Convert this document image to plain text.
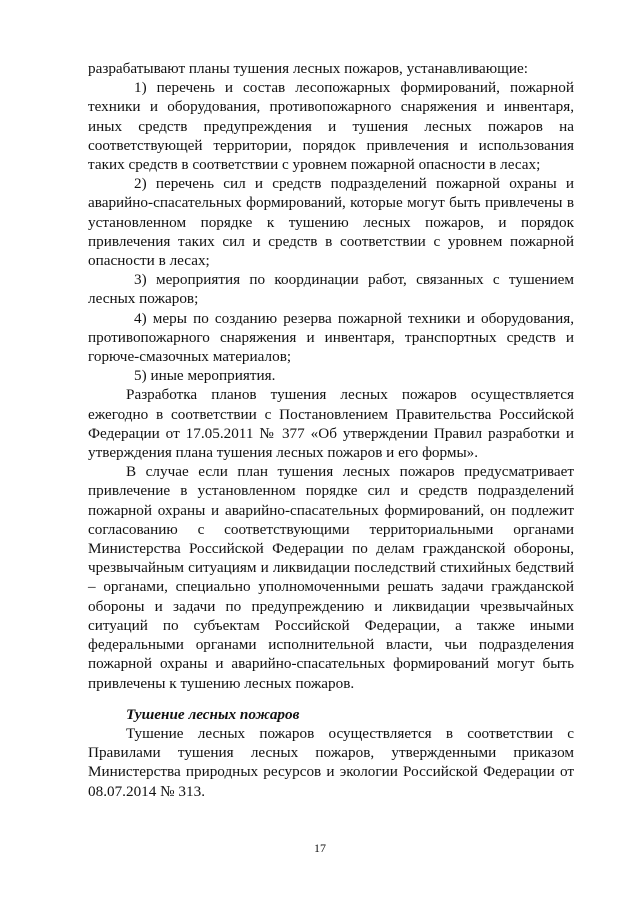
разрабатывают планы тушения лесных пожаров, устанавливающие:

1) перечень и состав лесопожарных формирований, пожарной техники и оборудования, противопожарного снаряжения и инвентаря, иных средств предупреждения и тушения лесных пожаров на соответствующей территории, порядок привлечения и использования таких средств в соответствии с уровнем пожарной опасности в лесах;

2) перечень сил и средств подразделений пожарной охраны и аварийно-спасательных формирований, которые могут быть привлечены в установленном порядке к тушению лесных пожаров, и порядок привлечения таких сил и средств в соответствии с уровнем пожарной опасности в лесах;

3) мероприятия по координации работ, связанных с тушением лесных пожаров;

4) меры по созданию резерва пожарной техники и оборудования, противопожарного снаряжения и инвентаря, транспортных средств и горюче-смазочных материалов;

5) иные мероприятия.

Разработка планов тушения лесных пожаров осуществляется ежегодно в соответствии с Постановлением Правительства Российской Федерации от 17.05.2011 № 377 «Об утверждении Правил разработки и утверждения плана тушения лесных пожаров и его формы».

В случае если план тушения лесных пожаров предусматривает привлечение в установленном порядке сил и средств подразделений пожарной охраны и аварийно-спасательных формирований, он подлежит согласованию с соответствующими территориальными органами Министерства Российской Федерации по делам гражданской обороны, чрезвычайным ситуациям и ликвидации последствий стихийных бедствий – органами, специально уполномоченными решать задачи гражданской обороны и задачи по предупреждению и ликвидации чрезвычайных ситуаций по субъектам Российской Федерации, а также иными федеральными органами исполнительной власти, чьи подразделения пожарной охраны и аварийно-спасательных формирований могут быть привлечены к тушению лесных пожаров.

Тушение лесных пожаров

Тушение лесных пожаров осуществляется в соответствии с Правилами тушения лесных пожаров, утвержденными приказом Министерства природных ресурсов и экологии Российской Федерации от 08.07.2014 № 313.

17
